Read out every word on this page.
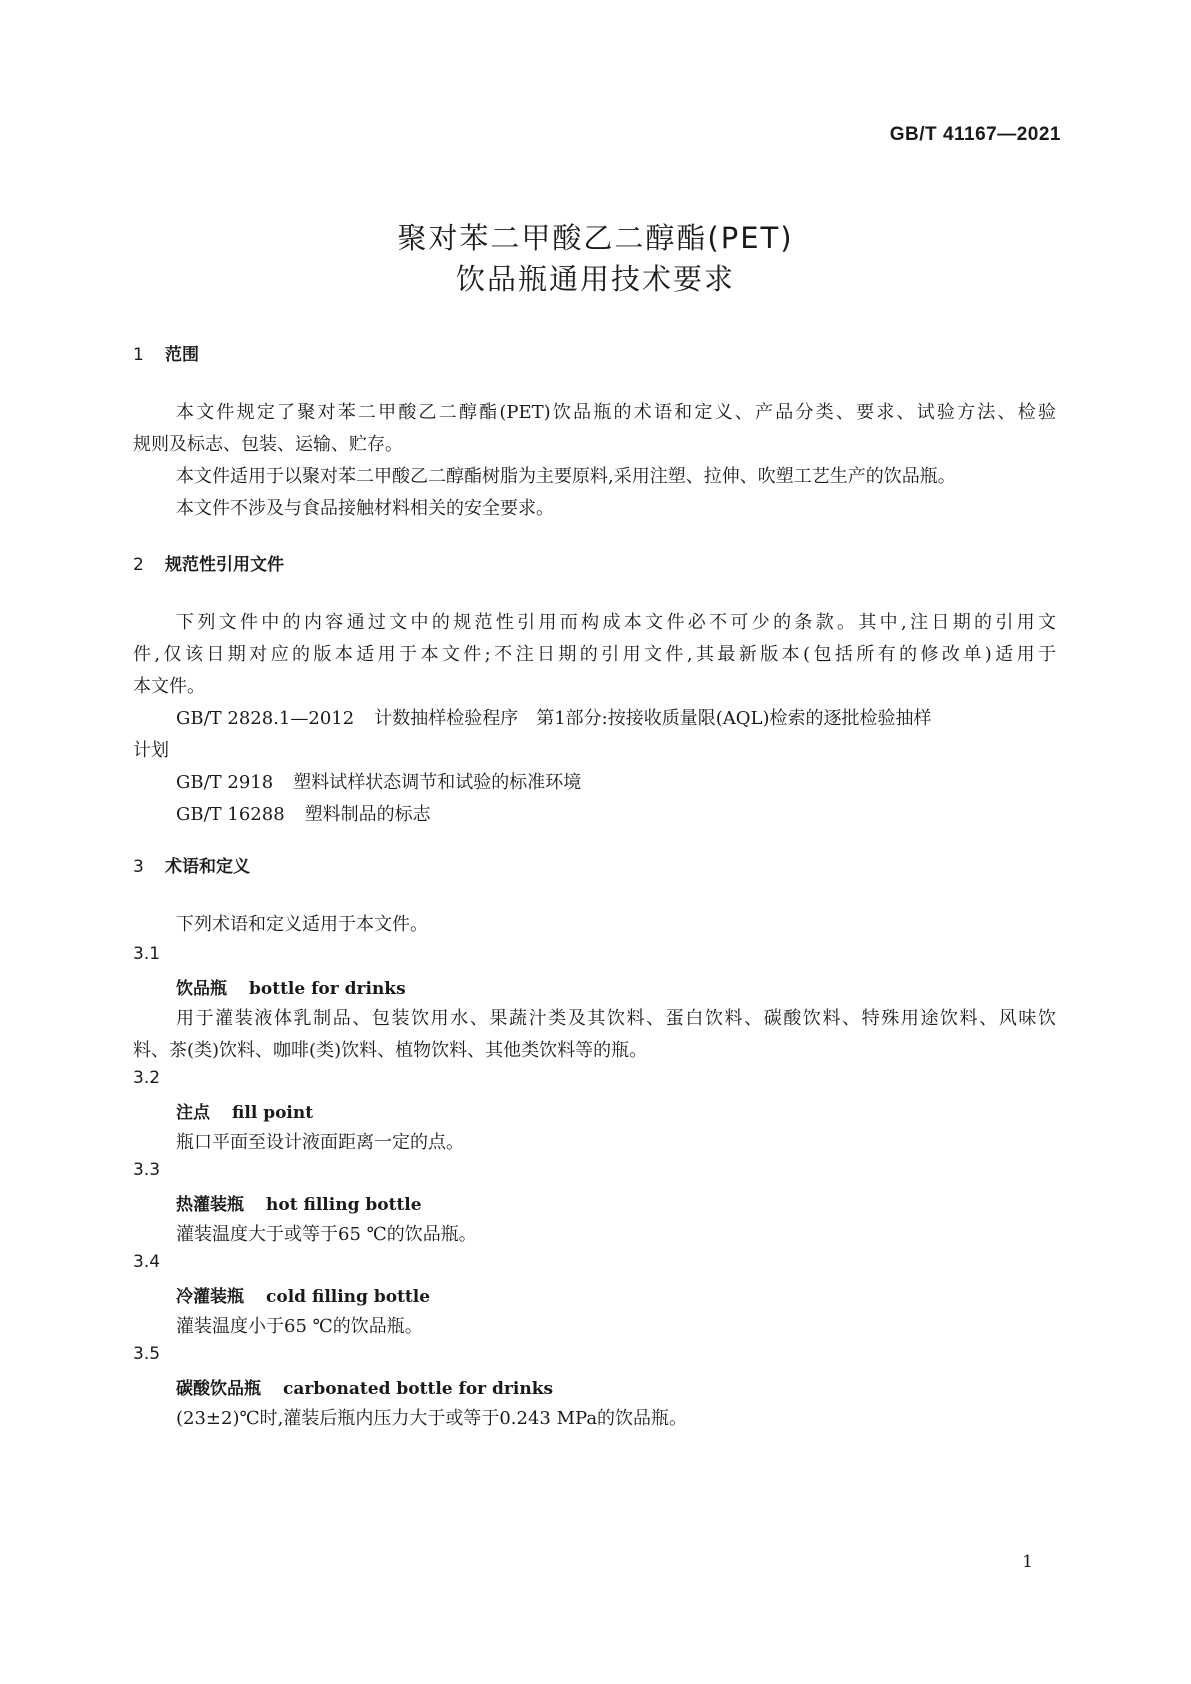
GB/T 41167—2021
聚对苯二甲酸乙二醇酯(PET)
饮品瓶通用技术要求
1 范围
本文件规定了聚对苯二甲酸乙二醇酯(PET)饮品瓶的术语和定义、产品分类、要求、试验方法、检验
规则及标志、包装、运输、贮存。
本文件适用于以聚对苯二甲酸乙二醇酯树脂为主要原料,采用注塑、拉伸、吹塑工艺生产的饮品瓶。
本文件不涉及与食品接触材料相关的安全要求。
2 规范性引用文件
下列文件中的内容通过文中的规范性引用而构成本文件必不可少的条款。其中,注日期的引用文
件,仅该日期对应的版本适用于本文件;不注日期的引用文件,其最新版本(包括所有的修改单)适用于
本文件。
GB/T 2828.1—2012 计数抽样检验程序　第1部分:按接收质量限(AQL)检索的逐批检验抽样
计划
GB/T 2918 塑料试样状态调节和试验的标准环境
GB/T 16288 塑料制品的标志
3 术语和定义
下列术语和定义适用于本文件。
3.1
饮品瓶 bottle for drinks
用于灌装液体乳制品、包装饮用水、果蔬汁类及其饮料、蛋白饮料、碳酸饮料、特殊用途饮料、风味饮
料、茶(类)饮料、咖啡(类)饮料、植物饮料、其他类饮料等的瓶。
3.2
注点 fill point
瓶口平面至设计液面距离一定的点。
3.3
热灌装瓶 hot filling bottle
灌装温度大于或等于65 ℃的饮品瓶。
3.4
冷灌装瓶 cold filling bottle
灌装温度小于65 ℃的饮品瓶。
3.5
碳酸饮品瓶 carbonated bottle for drinks
(23±2)℃时,灌装后瓶内压力大于或等于0.243 MPa的饮品瓶。
1
